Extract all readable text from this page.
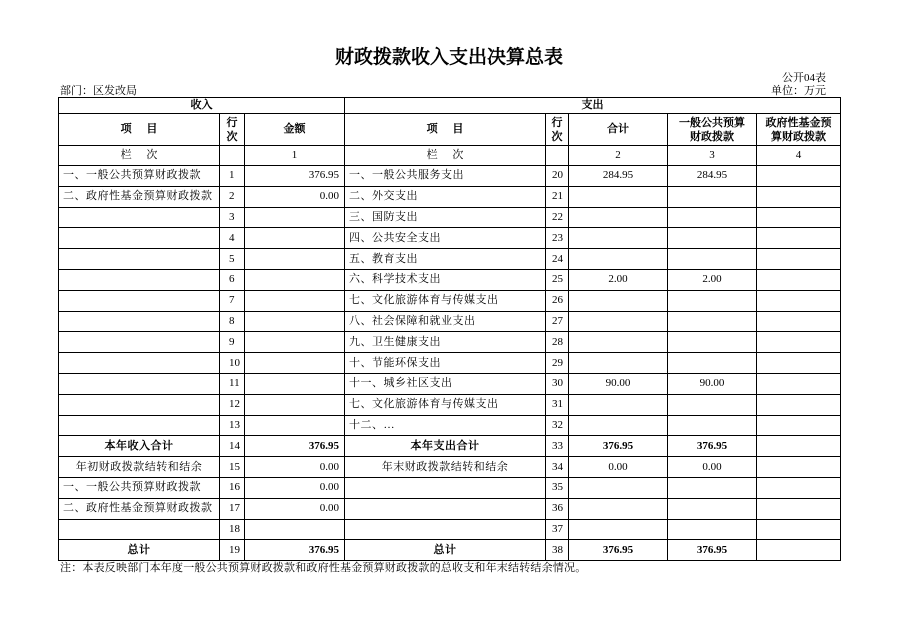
财政拨款收入支出决算总表
公开04表
部门：区发改局	单位：万元
收入			支出				
项 目	行次	金额	项 目	行次	合计	一般公共预算财政拨款	政府性基金预算财政拨款
栏 次		1	栏 次		2	3	4
一、一般公共预算财政拨款	1	376.95	一、一般公共服务支出	20	284.95	284.95	
二、政府性基金预算财政拨款	2	0.00	二、外交支出	21			
	3		三、国防支出	22			
	4		四、公共安全支出	23			
	5		五、教育支出	24			
	6		六、科学技术支出	25	2.00	2.00	
	7		七、文化旅游体育与传媒支出	26			
	8		八、社会保障和就业支出	27			
	9		九、卫生健康支出	28			
	10		十、节能环保支出	29			
	11		十一、城乡社区支出	30	90.00	90.00	
	12		七、文化旅游体育与传媒支出	31			
	13		十二、…	32			
本年收入合计	14	376.95	本年支出合计	33	376.95	376.95	
年初财政拨款结转和结余	15	0.00	年末财政拨款结转和结余	34	0.00	0.00	
一、一般公共预算财政拨款	16	0.00		35			
二、政府性基金预算财政拨款	17	0.00		36			
	18			37			
总计	19	376.95	总计	38	376.95	376.95	
注：本表反映部门本年度一般公共预算财政拨款和政府性基金预算财政拨款的总收支和年末结转结余情况。
